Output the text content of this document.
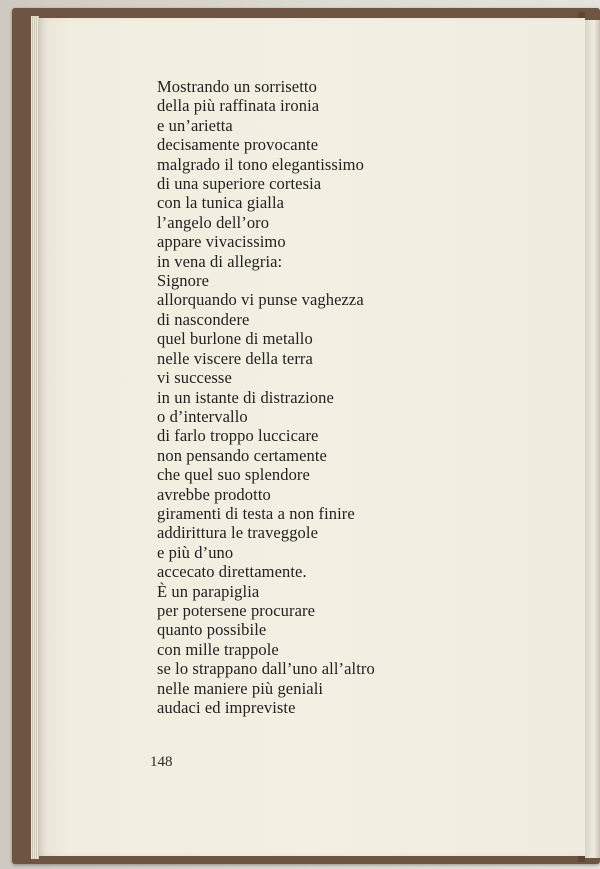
Mostrando un sorrisetto
della più raffinata ironia
e un’arietta
decisamente provocante
malgrado il tono elegantissimo
di una superiore cortesia
con la tunica gialla
l’angelo dell’oro
appare vivacissimo
in vena di allegria:
Signore
allorquando vi punse vaghezza
di nascondere
quel burlone di metallo
nelle viscere della terra
vi successe
in un istante di distrazione
o d’intervallo
di farlo troppo luccicare
non pensando certamente
che quel suo splendore
avrebbe prodotto
giramenti di testa a non finire
addirittura le traveggole
e più d’uno
accecato direttamente.
È un parapiglia
per potersene procurare
quanto possibile
con mille trappole
se lo strappano dall’uno all’altro
nelle maniere più geniali
audaci ed impreviste
148
